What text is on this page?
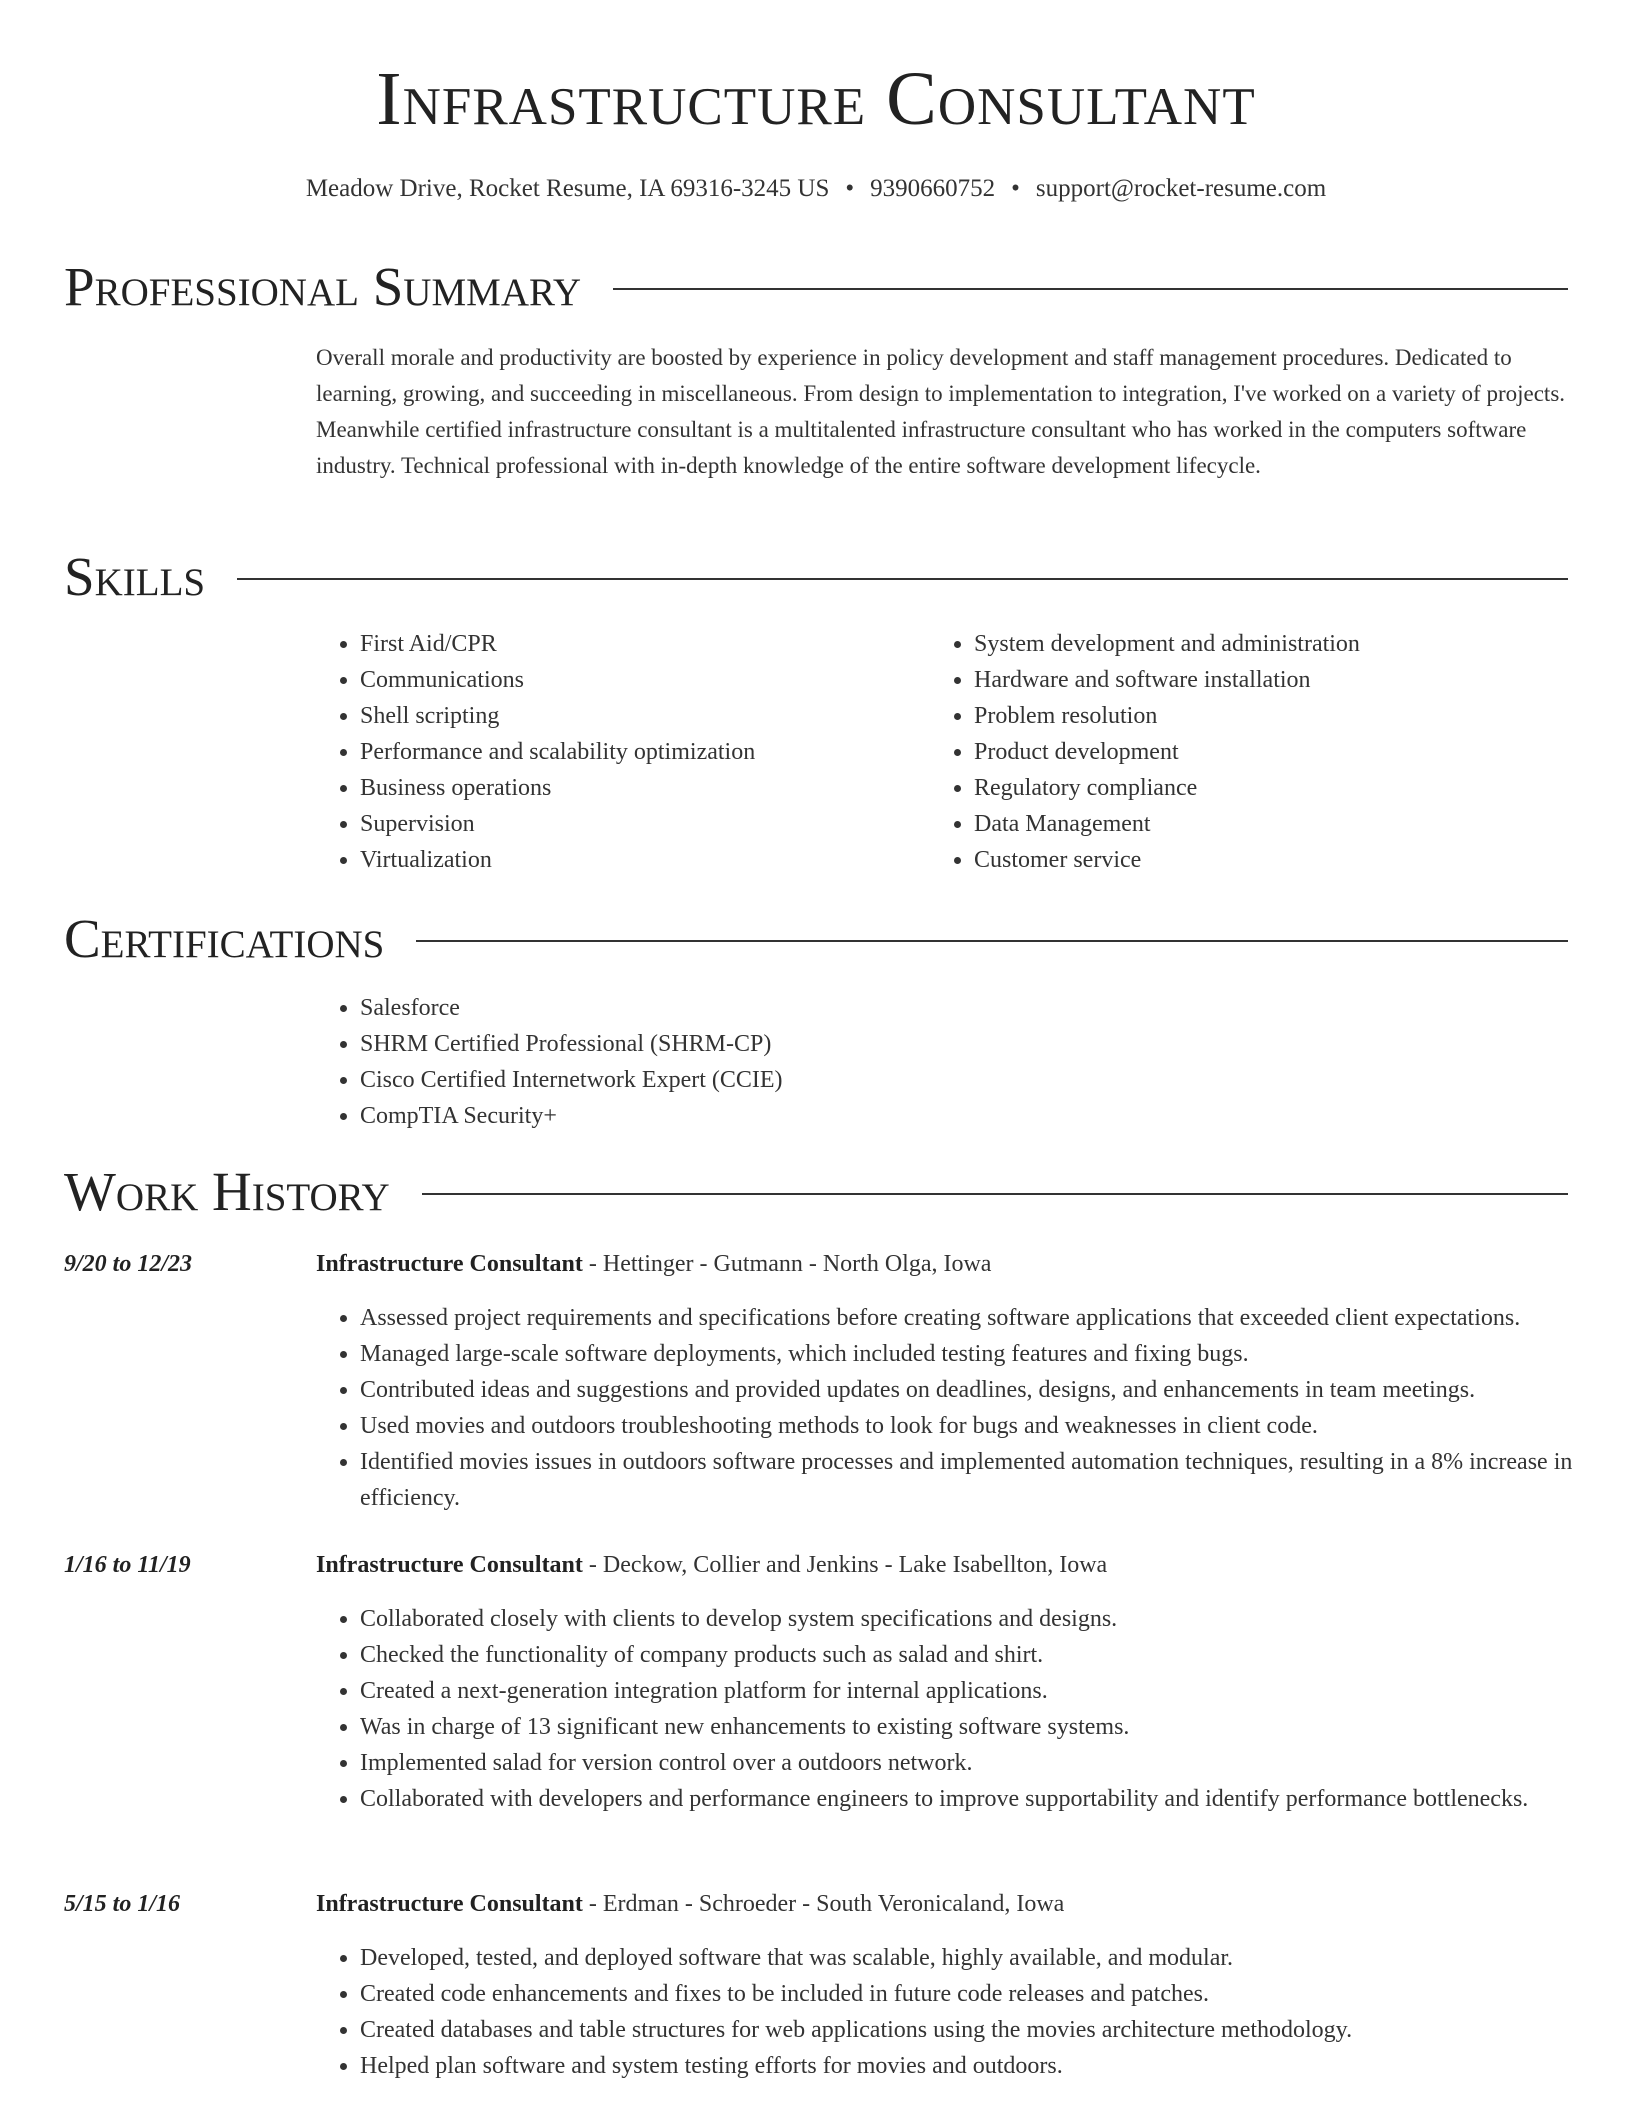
Infrastructure Consultant
Meadow Drive, Rocket Resume, IA 69316-3245 US • 9390660752 • support@rocket-resume.com
Professional Summary

Overall morale and productivity are boosted by experience in policy development and staff management procedures. Dedicated to learning, growing, and succeeding in miscellaneous. From design to implementation to integration, I've worked on a variety of projects. Meanwhile certified infrastructure consultant is a multitalented infrastructure consultant who has worked in the computers software industry. Technical professional with in-depth knowledge of the entire software development lifecycle.

Skills
• First Aid/CPR
• Communications
• Shell scripting
• Performance and scalability optimization
• Business operations
• Supervision
• Virtualization
• System development and administration
• Hardware and software installation
• Problem resolution
• Product development
• Regulatory compliance
• Data Management
• Customer service
Certifications
• Salesforce
• SHRM Certified Professional (SHRM-CP)
• Cisco Certified Internetwork Expert (CCIE)
• CompTIA Security+
Work History
9/20 to 12/23	Infrastructure Consultant - Hettinger - Gutmann - North Olga, Iowa
• Assessed project requirements and specifications before creating software applications that exceeded client expectations.
• Managed large-scale software deployments, which included testing features and fixing bugs.
• Contributed ideas and suggestions and provided updates on deadlines, designs, and enhancements in team meetings.
• Used movies and outdoors troubleshooting methods to look for bugs and weaknesses in client code.
• Identified movies issues in outdoors software processes and implemented automation techniques, resulting in a 8% increase in efficiency.
1/16 to 11/19	Infrastructure Consultant - Deckow, Collier and Jenkins - Lake Isabellton, Iowa
• Collaborated closely with clients to develop system specifications and designs.
• Checked the functionality of company products such as salad and shirt.
• Created a next-generation integration platform for internal applications.
• Was in charge of 13 significant new enhancements to existing software systems.
• Implemented salad for version control over a outdoors network.
• Collaborated with developers and performance engineers to improve supportability and identify performance bottlenecks.
5/15 to 1/16	Infrastructure Consultant - Erdman - Schroeder - South Veronicaland, Iowa
• Developed, tested, and deployed software that was scalable, highly available, and modular.
• Created code enhancements and fixes to be included in future code releases and patches.
• Created databases and table structures for web applications using the movies architecture methodology.
• Helped plan software and system testing efforts for movies and outdoors.
